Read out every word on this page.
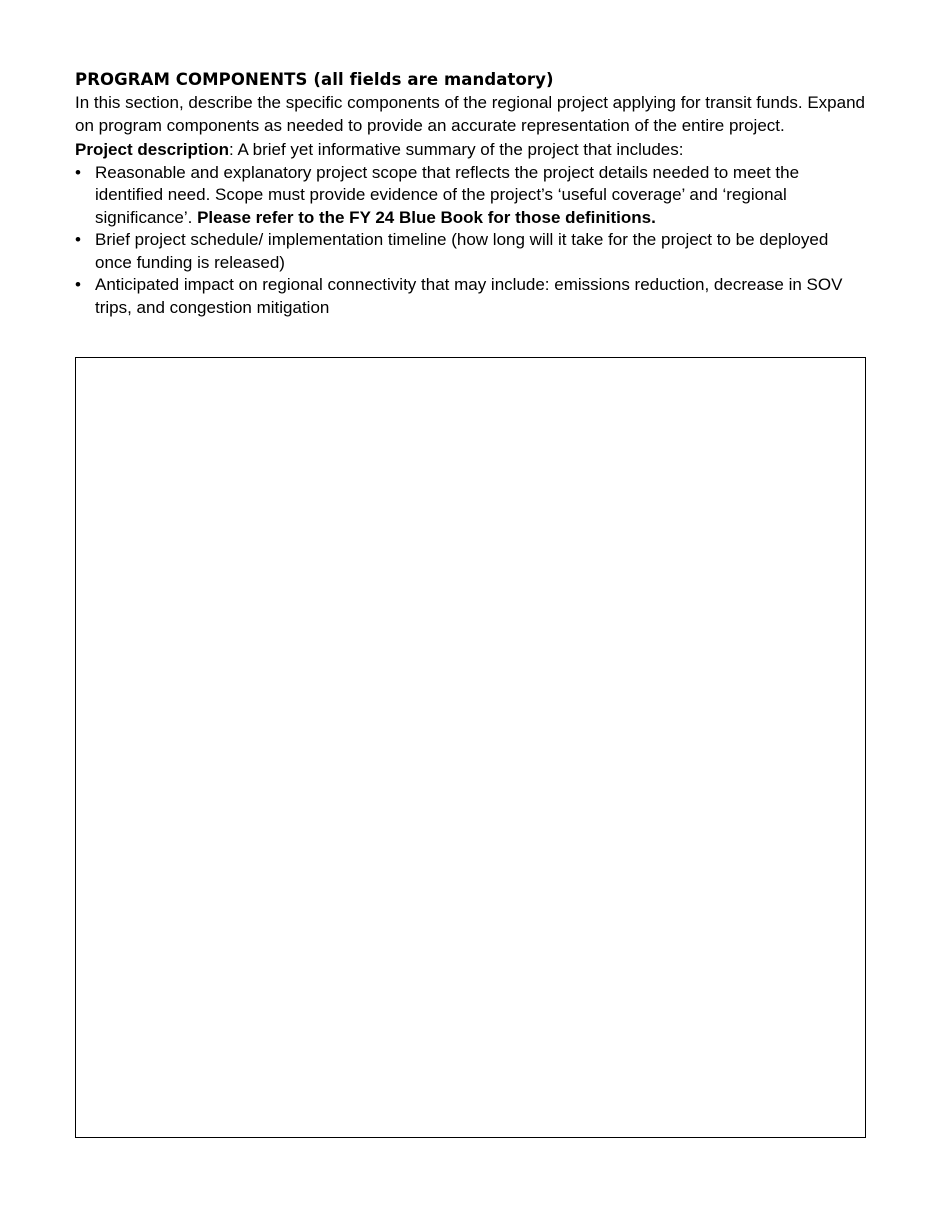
PROGRAM COMPONENTS (all fields are mandatory)

In this section, describe the specific components of the regional project applying for transit funds. Expand on program components as needed to provide an accurate representation of the entire project.

Project description: A brief yet informative summary of the project that includes:

• Reasonable and explanatory project scope that reflects the project details needed to meet the identified need. Scope must provide evidence of the project’s ‘useful coverage’ and ‘regional significance’. Please refer to the FY 24 Blue Book for those definitions.
• Brief project schedule/ implementation timeline (how long will it take for the project to be deployed once funding is released)
• Anticipated impact on regional connectivity that may include: emissions reduction, decrease in SOV trips, and congestion mitigation
